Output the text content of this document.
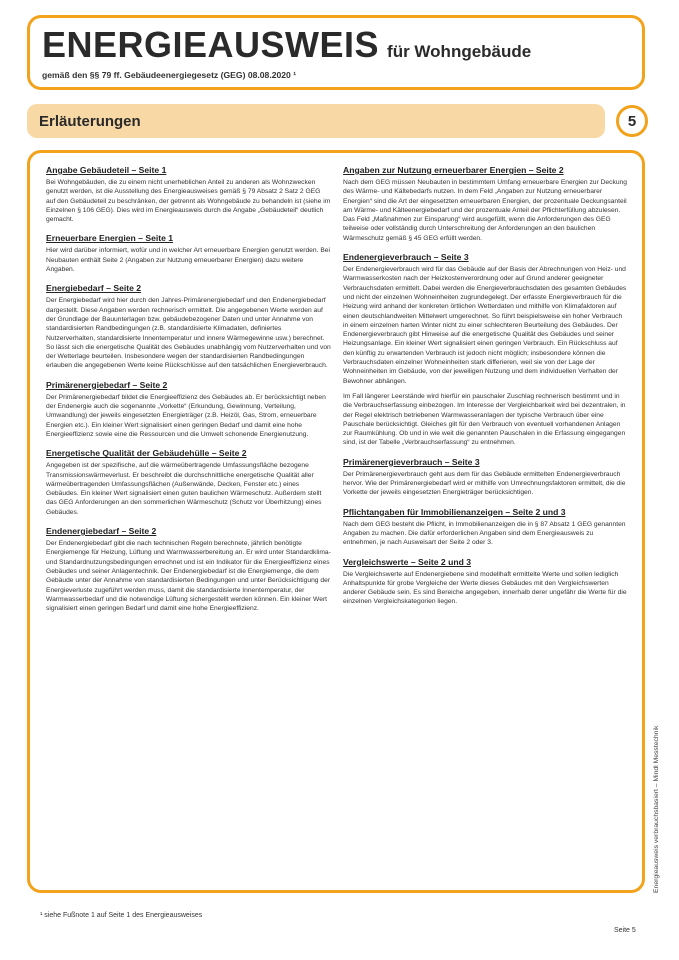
ENERGIEAUSWEIS für Wohngebäude
gemäß den §§ 79 ff. Gebäudeenergiegesetz (GEG) 08.08.2020 ¹
Erläuterungen	5
Angabe Gebäudeteil – Seite 1

Bei Wohngebäuden, die zu einem nicht unerheblichen Anteil zu anderen als Wohnzwecken genutzt werden, ist die Ausstellung des Energieausweises gemäß § 79 Absatz 2 Satz 2 GEG auf den Gebäudeteil zu beschränken, der getrennt als Wohngebäude zu behandeln ist (siehe im Einzelnen § 106 GEG). Dies wird im Energieausweis durch die Angabe „Gebäudeteil“ deutlich gemacht.

Erneuerbare Energien – Seite 1

Hier wird darüber informiert, wofür und in welcher Art erneuerbare Energien genutzt werden. Bei Neubauten enthält Seite 2 (Angaben zur Nutzung erneuerbarer Energien) dazu weitere Angaben.

Energiebedarf – Seite 2

Der Energiebedarf wird hier durch den Jahres-Primärenergiebedarf und den Endenergiebedarf dargestellt. Diese Angaben werden rechnerisch ermittelt. Die angegebenen Werte werden auf der Grundlage der Bauunterlagen bzw. gebäudebezogener Daten und unter Annahme von standardisierten Randbedingungen (z.B. standardisierte Klimadaten, definiertes Nutzerverhalten, standardisierte Innentemperatur und innere Wärmegewinne usw.) berechnet. So lässt sich die energetische Qualität des Gebäudes unabhängig vom Nutzerverhalten und von der Wetterlage beurteilen. Insbesondere wegen der standardisierten Randbedingungen erlauben die angegebenen Werte keine Rückschlüsse auf den tatsächlichen Energieverbrauch.

Primärenergiebedarf – Seite 2

Der Primärenergiebedarf bildet die Energieeffizienz des Gebäudes ab. Er berücksichtigt neben der Endenergie auch die sogenannte „Vorkette“ (Erkundung, Gewinnung, Verteilung, Umwandlung) der jeweils eingesetzten Energieträger (z.B. Heizöl, Gas, Strom, erneuerbare Energien etc.). Ein kleiner Wert signalisiert einen geringen Bedarf und damit eine hohe Energieeffizienz sowie eine die Ressourcen und die Umwelt schonende Energienutzung.

Energetische Qualität der Gebäudehülle – Seite 2

Angegeben ist der spezifische, auf die wärmeübertragende Umfassungsfläche bezogene Transmissionswärmeverlust. Er beschreibt die durchschnittliche energetische Qualität aller wärmeübertragenden Umfassungsflächen (Außenwände, Decken, Fenster etc.) eines Gebäudes. Ein kleiner Wert signalisiert einen guten baulichen Wärmeschutz. Außerdem stellt das GEG Anforderungen an den sommerlichen Wärmeschutz (Schutz vor Überhitzung) eines Gebäudes.

Endenergiebedarf – Seite 2

Der Endenergiebedarf gibt die nach technischen Regeln berechnete, jährlich benötigte Energiemenge für Heizung, Lüftung und Warmwasserbereitung an. Er wird unter Standardklima- und Standardnutzungsbedingungen errechnet und ist ein Indikator für die Energieeffizienz eines Gebäudes und seiner Anlagentechnik. Der Endenergiebedarf ist die Energiemenge, die dem Gebäude unter der Annahme von standardisierten Bedingungen und unter Berücksichtigung der Energieverluste zugeführt werden muss, damit die standardisierte Innentemperatur, der Warmwasserbedarf und die notwendige Lüftung sichergestellt werden können. Ein kleiner Wert signalisiert einen geringen Bedarf und damit eine hohe Energieeffizienz.

Angaben zur Nutzung erneuerbarer Energien – Seite 2

Nach dem GEG müssen Neubauten in bestimmtem Umfang erneuerbare Energien zur Deckung des Wärme- und Kältebedarfs nutzen. In dem Feld „Angaben zur Nutzung erneuerbarer Energien“ sind die Art der eingesetzten erneuerbaren Energien, der prozentuale Deckungsanteil am Wärme- und Kälteenergiebedarf und der prozentuale Anteil der Pflichterfüllung abzulesen. Das Feld „Maßnahmen zur Einsparung“ wird ausgefüllt, wenn die Anforderungen des GEG teilweise oder vollständig durch Unterschreitung der Anforderungen an den baulichen Wärmeschutz gemäß § 45 GEG erfüllt werden.

Endenergieverbrauch – Seite 3

Der Endenergieverbrauch wird für das Gebäude auf der Basis der Abrechnungen von Heiz- und Warmwasserkosten nach der Heizkostenverordnung oder auf Grund anderer geeigneter Verbrauchsdaten ermittelt. Dabei werden die Energieverbrauchsdaten des gesamten Gebäudes und nicht der einzelnen Wohneinheiten zugrundegelegt. Der erfasste Energieverbrauch für die Heizung wird anhand der konkreten örtlichen Wetterdaten und mithilfe von Klimafaktoren auf einen deutschlandweiten Mittelwert umgerechnet. So führt beispielsweise ein hoher Verbrauch in einem einzelnen harten Winter nicht zu einer schlechteren Beurteilung des Gebäudes. Der Endenergieverbrauch gibt Hinweise auf die energetische Qualität des Gebäudes und seiner Heizungsanlage. Ein kleiner Wert signalisiert einen geringen Verbrauch. Ein Rückschluss auf den künftig zu erwartenden Verbrauch ist jedoch nicht möglich; insbesondere können die Verbrauchsdaten einzelner Wohneinheiten stark differieren, weil sie von der Lage der Wohneinheiten im Gebäude, von der jeweiligen Nutzung und dem individuellen Verhalten der Bewohner abhängen.

Im Fall längerer Leerstände wird hierfür ein pauschaler Zuschlag rechnerisch bestimmt und in die Verbrauchserfassung einbezogen. Im Interesse der Vergleichbarkeit wird bei dezentralen, in der Regel elektrisch betriebenen Warmwasseranlagen der typische Verbrauch über eine Pauschale berücksichtigt. Gleiches gilt für den Verbrauch von eventuell vorhandenen Anlagen zur Raumkühlung. Ob und in wie weit die genannten Pauschalen in die Erfassung eingegangen sind, ist der Tabelle „Verbrauchserfassung“ zu entnehmen.

Primärenergieverbrauch – Seite 3

Der Primärenergieverbrauch geht aus dem für das Gebäude ermittelten Endenergieverbrauch hervor. Wie der Primärenergiebedarf wird er mithilfe von Umrechnungsfaktoren ermittelt, die die Vorkette der jeweils eingesetzten Energieträger berücksichtigen.

Pflichtangaben für Immobilienanzeigen – Seite 2 und 3

Nach dem GEG besteht die Pflicht, in Immobilienanzeigen die in § 87 Absatz 1 GEG genannten Angaben zu machen. Die dafür erforderlichen Angaben sind dem Energieausweis zu entnehmen, je nach Ausweisart der Seite 2 oder 3.

Vergleichswerte – Seite 2 und 3

Die Vergleichswerte auf Endenergiebene sind modellhaft ermittelte Werte und sollen lediglich Anhaltspunkte für grobe Vergleiche der Werte dieses Gebäudes mit den Vergleichswerten anderer Gebäude sein. Es sind Bereiche angegeben, innerhalb derer ungefähr die Werte für die einzelnen Vergleichskategorien liegen.

Energieausweis verbrauchsbasiert – Mindl Messtechnik
¹ siehe Fußnote 1 auf Seite 1 des Energieausweises
Seite 5
